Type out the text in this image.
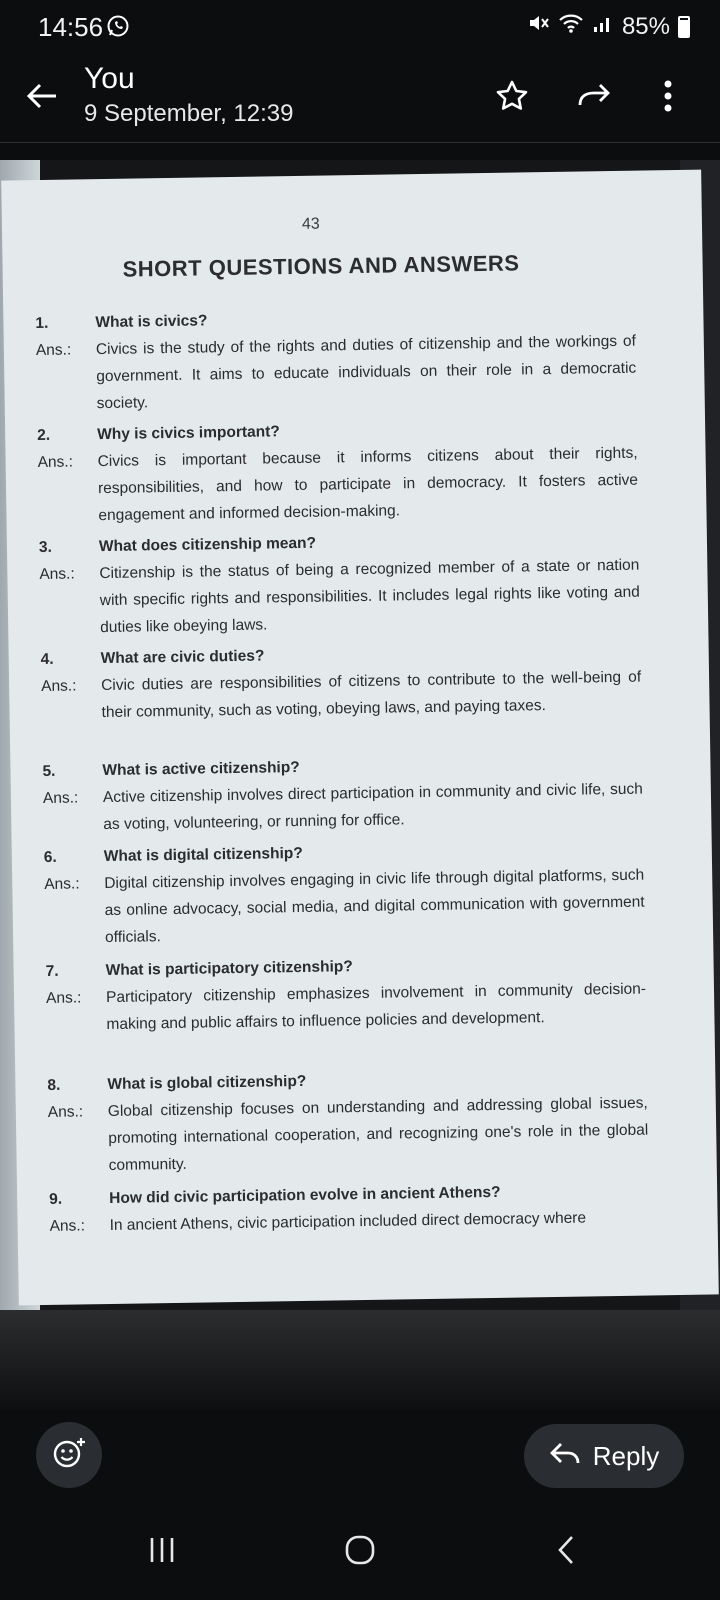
14:56	85%
You
9 September, 12:39
43
SHORT QUESTIONS AND ANSWERS
1.	What is civics?
Ans.:	Civics is the study of the rights and duties of citizenship and the workings of government. It aims to educate individuals on their role in a democratic society.
2.	Why is civics important?
Ans.:	Civics is important because it informs citizens about their rights, responsibilities, and how to participate in democracy. It fosters active engagement and informed decision-making.
3.	What does citizenship mean?
Ans.:	Citizenship is the status of being a recognized member of a state or nation with specific rights and responsibilities. It includes legal rights like voting and duties like obeying laws.
4.	What are civic duties?
Ans.:	Civic duties are responsibilities of citizens to contribute to the well-being of their community, such as voting, obeying laws, and paying taxes.
5.	What is active citizenship?
Ans.:	Active citizenship involves direct participation in community and civic life, such as voting, volunteering, or running for office.
6.	What is digital citizenship?
Ans.:	Digital citizenship involves engaging in civic life through digital platforms, such as online advocacy, social media, and digital communication with government officials.
7.	What is participatory citizenship?
Ans.:	Participatory citizenship emphasizes involvement in community decision-making and public affairs to influence policies and development.
8.	What is global citizenship?
Ans.:	Global citizenship focuses on understanding and addressing global issues, promoting international cooperation, and recognizing one's role in the global community.
9.	How did civic participation evolve in ancient Athens?
Ans.:	In ancient Athens, civic participation included direct democracy where
Reply
